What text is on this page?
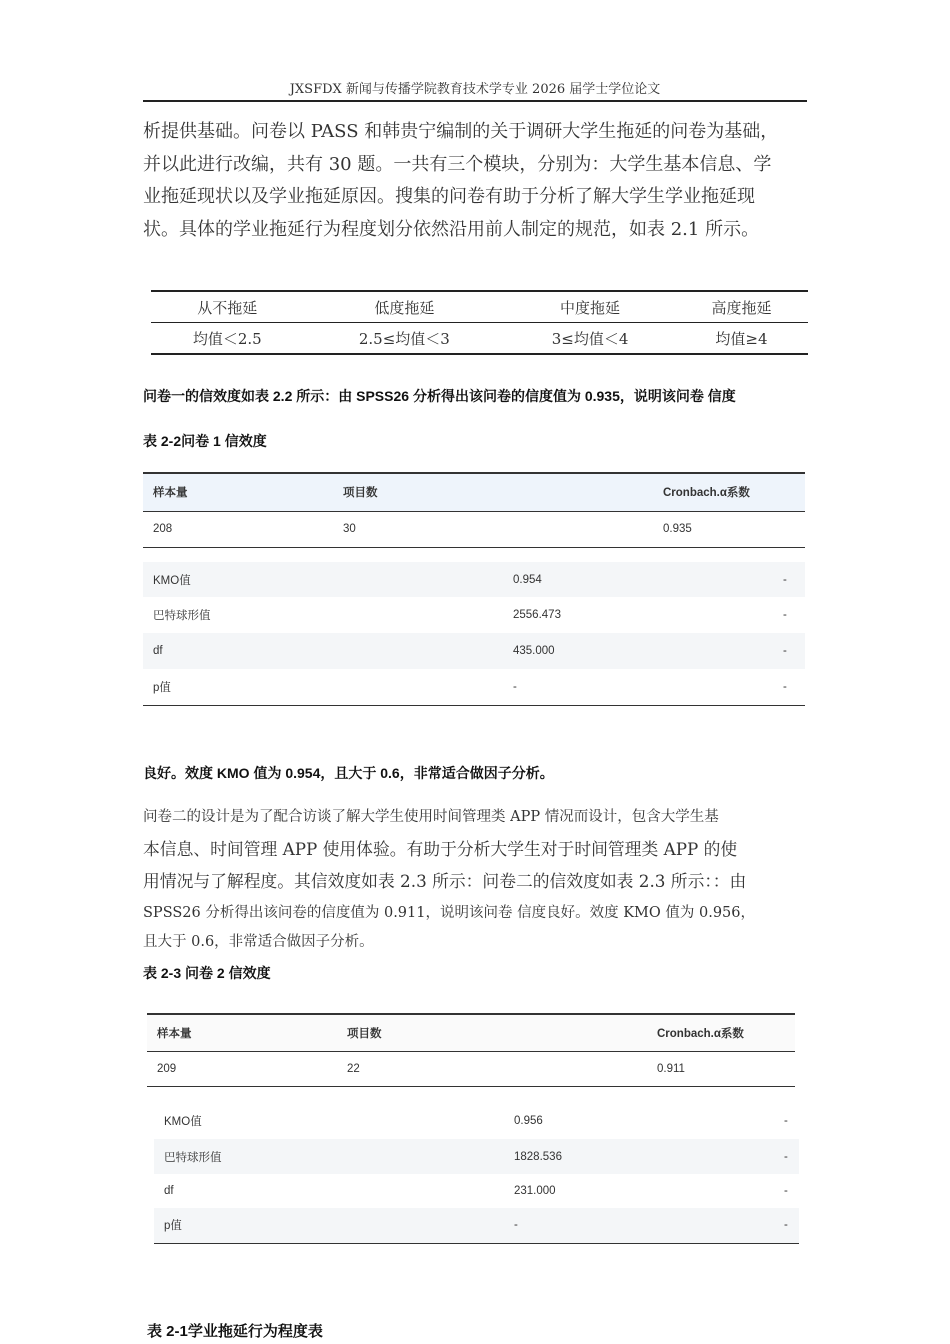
JXSFDX 新闻与传播学院教育技术学专业 2026 届学士学位论文
析提供基础。问卷以 PASS 和韩贵宁编制的关于调研大学生拖延的问卷为基础，
并以此进行改编，共有 30 题。一共有三个模块，分别为：大学生基本信息、学
业拖延现状以及学业拖延原因。搜集的问卷有助于分析了解大学生学业拖延现
状。具体的学业拖延行为程度划分依然沿用前人制定的规范，如表 2.1 所示。
从不拖延	低度拖延	中度拖延	高度拖延
均值＜2.5	2.5≤均值＜3	3≤均值＜4	均值≥4
问卷一的信效度如表 2.2 所示：由 SPSS26 分析得出该问卷的信度值为 0.935，说明该问卷 信度
表 2-2问卷 1 信效度
样本量	项目数	Cronbach.α系数
208	30	0.935
KMO值	0.954	-
巴特球形值	2556.473	-
df	435.000	-
p值	-	-
良好。效度 KMO 值为 0.954，且大于 0.6，非常适合做因子分析。
问卷二的设计是为了配合访谈了解大学生使用时间管理类 APP 情况而设计，包含大学生基
本信息、时间管理 APP 使用体验。有助于分析大学生对于时间管理类 APP 的使
用情况与了解程度。其信效度如表 2.3 所示：问卷二的信效度如表 2.3 所示：：由
SPSS26 分析得出该问卷的信度值为 0.911，说明该问卷 信度良好。效度 KMO 值为 0.956，
且大于 0.6，非常适合做因子分析。
表 2-3 问卷 2 信效度
样本量	项目数	Cronbach.α系数
209	22	0.911
KMO值	0.956	-
巴特球形值	1828.536	-
df	231.000	-
p值	-	-
表 2-1学业拖延行为程度表
